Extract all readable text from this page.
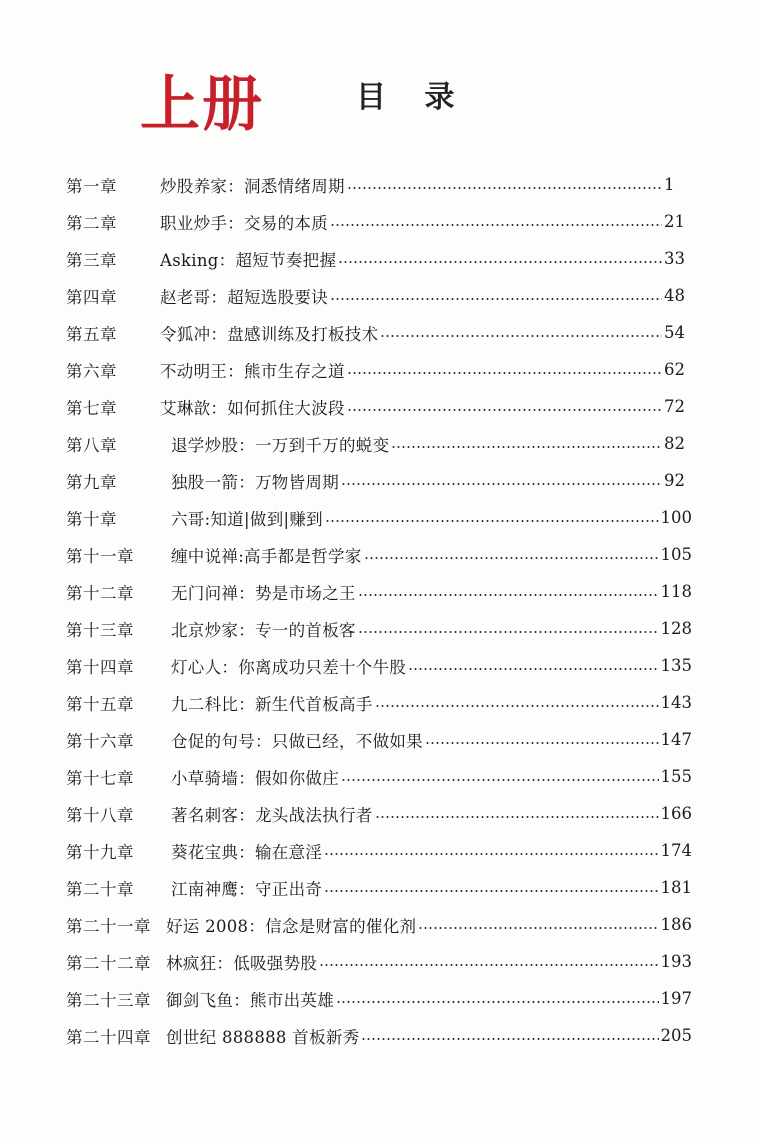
上册	目 录
第一章	炒股养家：洞悉情绪周期	1
第二章	职业炒手：交易的本质	21
第三章	Asking：超短节奏把握	33
第四章	赵老哥：超短选股要诀	48
第五章	令狐冲：盘感训练及打板技术	54
第六章	不动明王：熊市生存之道	62
第七章	艾琳歆：如何抓住大波段	72
第八章	退学炒股：一万到千万的蜕变	82
第九章	独股一箭：万物皆周期	92
第十章	六哥:知道|做到|赚到	100
第十一章	缠中说禅:高手都是哲学家	105
第十二章	无门问禅：势是市场之王	118
第十三章	北京炒家：专一的首板客	128
第十四章	灯心人：你离成功只差十个牛股	135
第十五章	九二科比：新生代首板高手	143
第十六章	仓促的句号：只做已经，不做如果	147
第十七章	小草骑墙：假如你做庄	155
第十八章	著名刺客：龙头战法执行者	166
第十九章	葵花宝典：输在意淫	174
第二十章	江南神鹰：守正出奇	181
第二十一章 好运 2008：信念是财富的催化剂	186
第二十二章 林疯狂：低吸强势股	193
第二十三章 御剑飞鱼：熊市出英雄	197
第二十四章 创世纪 888888 首板新秀	205
